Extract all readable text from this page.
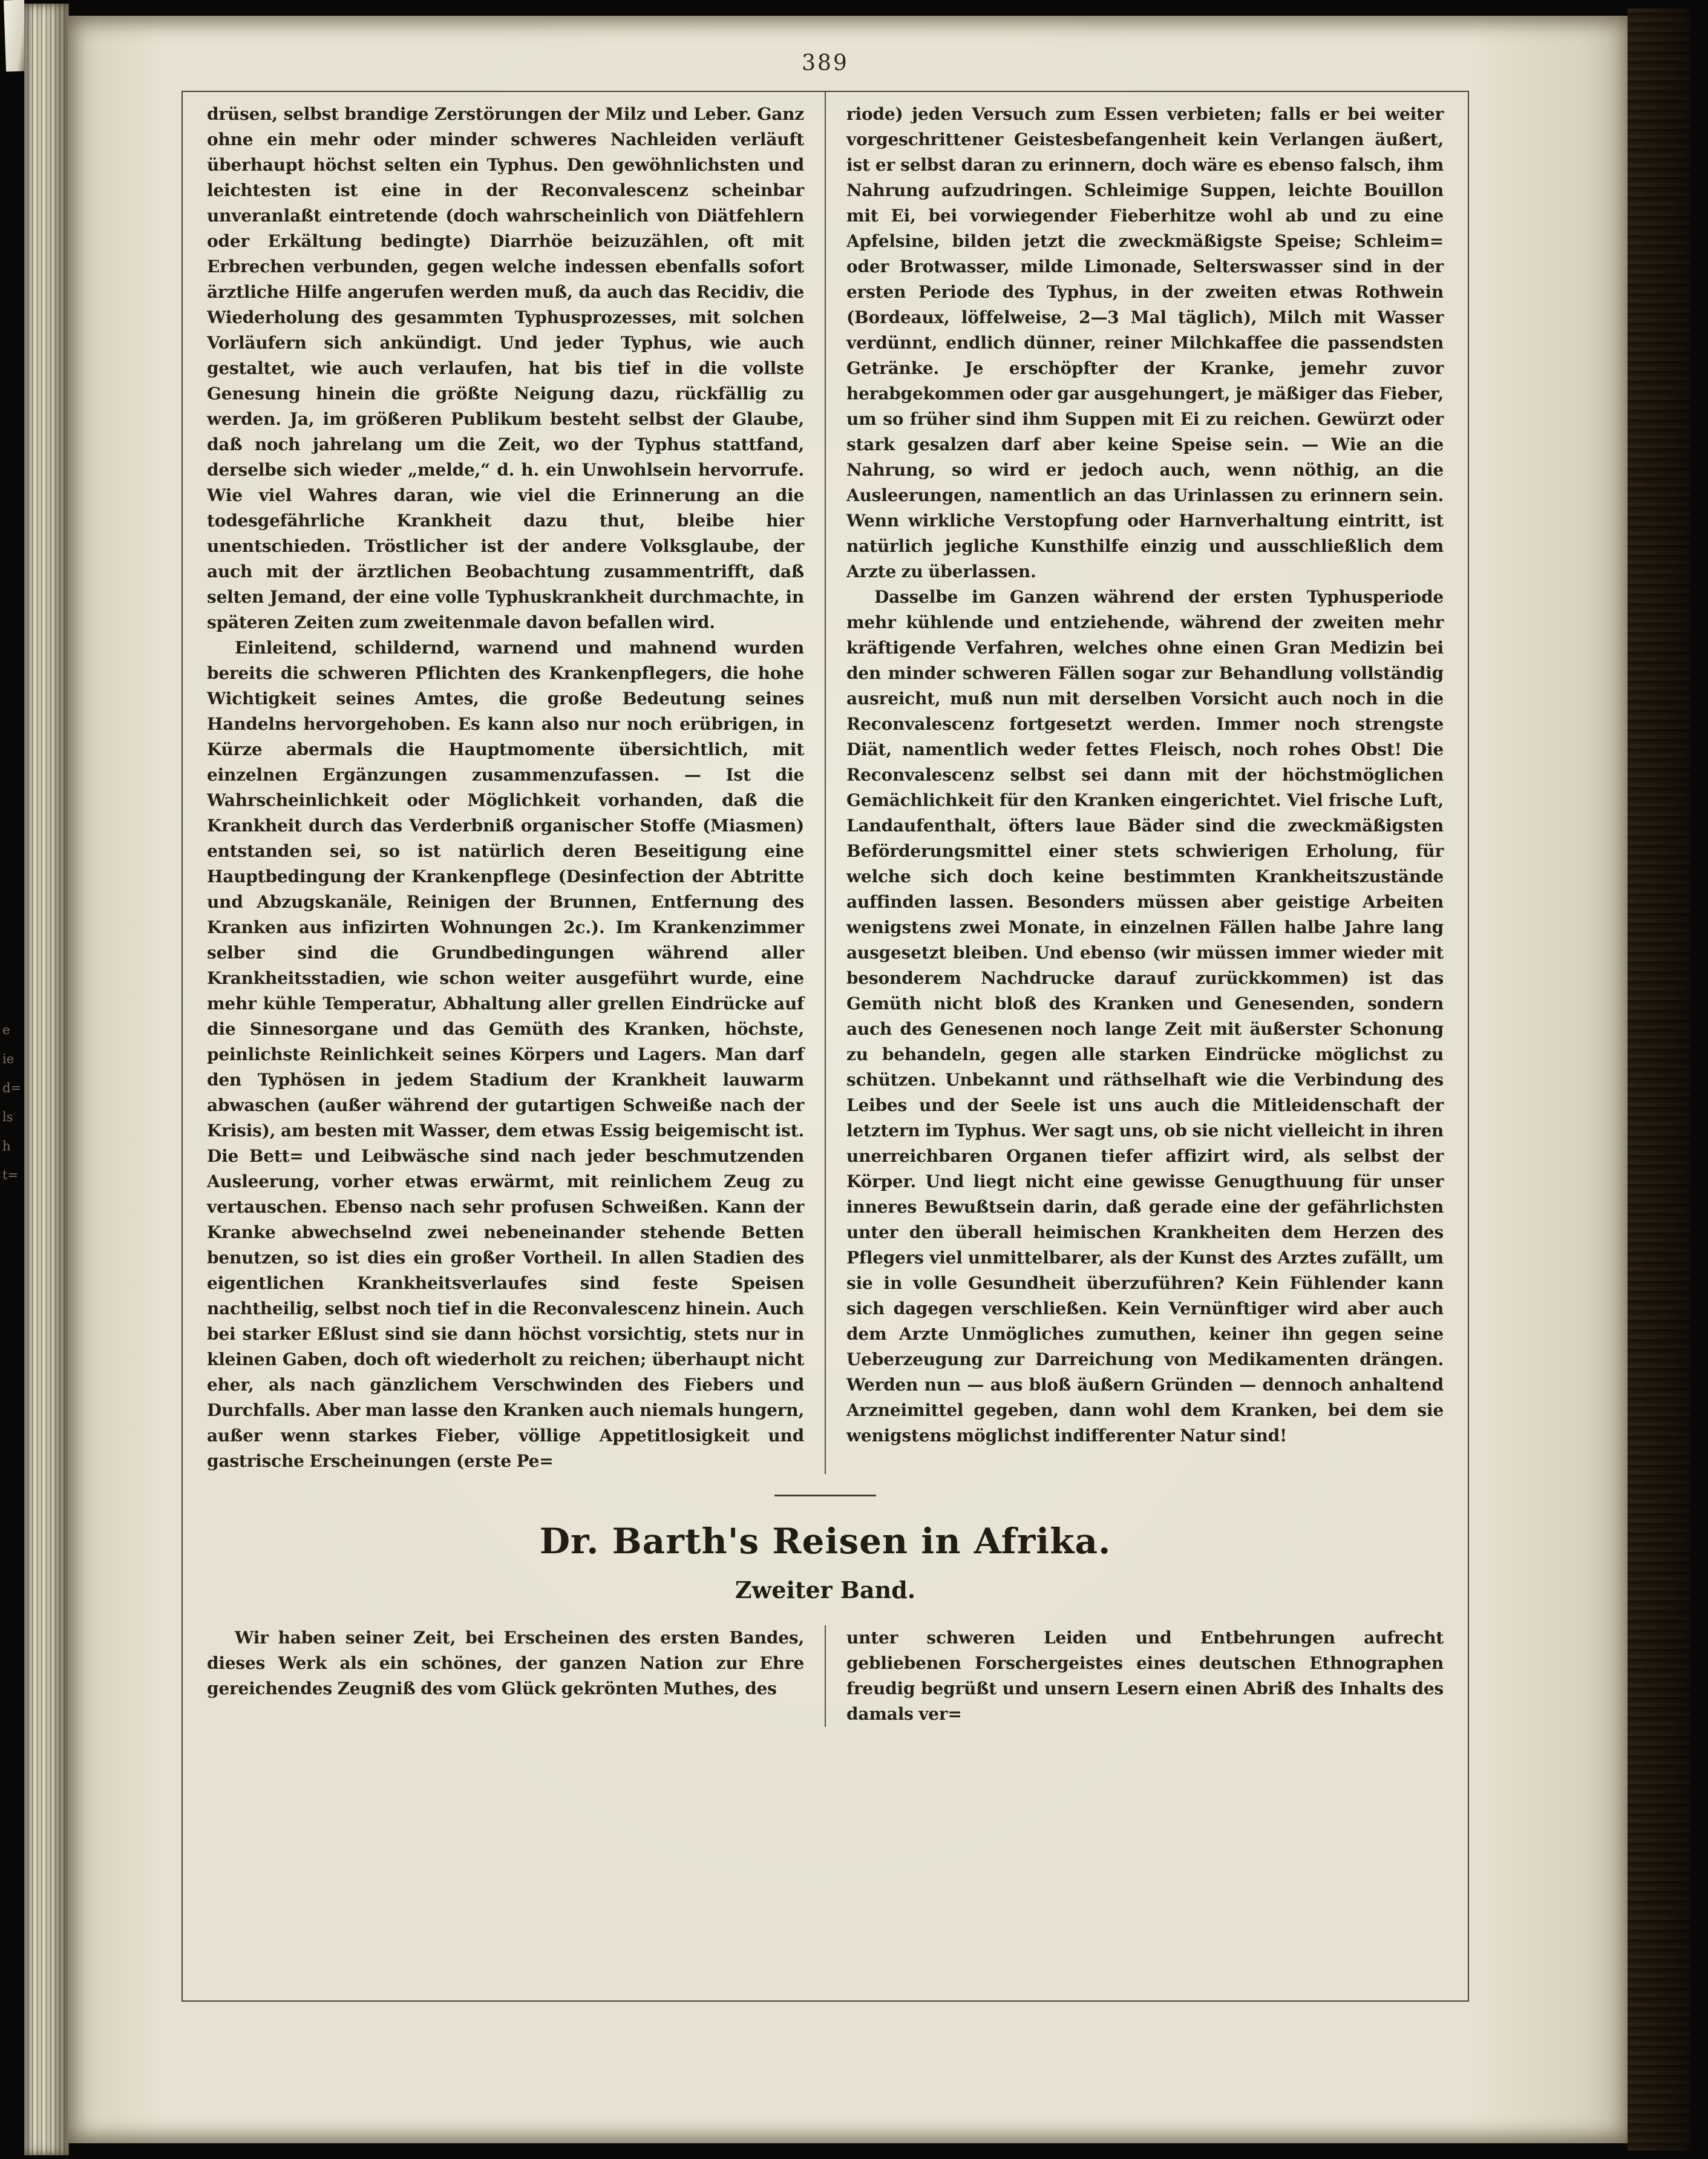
e
ie
d=
ls
h
t=
389

drüsen, selbst brandige Zerstörungen der Milz und Leber. Ganz ohne ein mehr oder minder schweres Nachleiden verläuft überhaupt höchst selten ein Typhus. Den gewöhnlichsten und leichtesten ist eine in der Reconvalescenz scheinbar unveranlaßt eintretende (doch wahrscheinlich von Diätfehlern oder Erkältung bedingte) Diarrhöe beizuzählen, oft mit Erbrechen verbunden, gegen welche indessen ebenfalls sofort ärztliche Hilfe angerufen werden muß, da auch das Recidiv, die Wiederholung des gesammten Typhusprozesses, mit solchen Vorläufern sich ankündigt. Und jeder Typhus, wie auch gestaltet, wie auch verlaufen, hat bis tief in die vollste Genesung hinein die größte Neigung dazu, rückfällig zu werden. Ja, im größeren Publikum besteht selbst der Glaube, daß noch jahrelang um die Zeit, wo der Typhus stattfand, derselbe sich wieder „melde,“ d. h. ein Unwohlsein hervorrufe. Wie viel Wahres daran, wie viel die Erinnerung an die todesgefährliche Krankheit dazu thut, bleibe hier unentschieden. Tröstlicher ist der andere Volksglaube, der auch mit der ärztlichen Beobachtung zusammentrifft, daß selten Jemand, der eine volle Typhuskrankheit durchmachte, in späteren Zeiten zum zweitenmale davon befallen wird.

Einleitend, schildernd, warnend und mahnend wurden bereits die schweren Pflichten des Krankenpflegers, die hohe Wichtigkeit seines Amtes, die große Bedeutung seines Handelns hervorgehoben. Es kann also nur noch erübrigen, in Kürze abermals die Hauptmomente übersichtlich, mit einzelnen Ergänzungen zusammenzufassen. — Ist die Wahrscheinlichkeit oder Möglichkeit vorhanden, daß die Krankheit durch das Verderbniß organischer Stoffe (Miasmen) entstanden sei, so ist natürlich deren Beseitigung eine Hauptbedingung der Krankenpflege (Desinfection der Abtritte und Abzugskanäle, Reinigen der Brunnen, Entfernung des Kranken aus infizirten Wohnungen 2c.). Im Krankenzimmer selber sind die Grundbedingungen während aller Krankheitsstadien, wie schon weiter ausgeführt wurde, eine mehr kühle Temperatur, Abhaltung aller grellen Eindrücke auf die Sinnesorgane und das Gemüth des Kranken, höchste, peinlichste Reinlichkeit seines Körpers und Lagers. Man darf den Typhösen in jedem Stadium der Krankheit lauwarm abwaschen (außer während der gutartigen Schweiße nach der Krisis), am besten mit Wasser, dem etwas Essig beigemischt ist. Die Bett= und Leibwäsche sind nach jeder beschmutzenden Ausleerung, vorher etwas erwärmt, mit reinlichem Zeug zu vertauschen. Ebenso nach sehr profusen Schweißen. Kann der Kranke abwechselnd zwei nebeneinander stehende Betten benutzen, so ist dies ein großer Vortheil. In allen Stadien des eigentlichen Krankheitsverlaufes sind feste Speisen nachtheilig, selbst noch tief in die Reconvalescenz hinein. Auch bei starker Eßlust sind sie dann höchst vorsichtig, stets nur in kleinen Gaben, doch oft wiederholt zu reichen; überhaupt nicht eher, als nach gänzlichem Verschwinden des Fiebers und Durchfalls. Aber man lasse den Kranken auch niemals hungern, außer wenn starkes Fieber, völlige Appetitlosigkeit und gastrische Erscheinungen (erste Pe=

riode) jeden Versuch zum Essen verbieten; falls er bei weiter vorgeschrittener Geistesbefangenheit kein Verlangen äußert, ist er selbst daran zu erinnern, doch wäre es ebenso falsch, ihm Nahrung aufzudringen. Schleimige Suppen, leichte Bouillon mit Ei, bei vorwiegender Fieberhitze wohl ab und zu eine Apfelsine, bilden jetzt die zweckmäßigste Speise; Schleim= oder Brotwasser, milde Limonade, Selterswasser sind in der ersten Periode des Typhus, in der zweiten etwas Rothwein (Bordeaux, löffelweise, 2—3 Mal täglich), Milch mit Wasser verdünnt, endlich dünner, reiner Milchkaffee die passendsten Getränke. Je erschöpfter der Kranke, jemehr zuvor herabgekommen oder gar ausgehungert, je mäßiger das Fieber, um so früher sind ihm Suppen mit Ei zu reichen. Gewürzt oder stark gesalzen darf aber keine Speise sein. — Wie an die Nahrung, so wird er jedoch auch, wenn nöthig, an die Ausleerungen, namentlich an das Urinlassen zu erinnern sein. Wenn wirkliche Verstopfung oder Harnverhaltung eintritt, ist natürlich jegliche Kunsthilfe einzig und ausschließlich dem Arzte zu überlassen.

Dasselbe im Ganzen während der ersten Typhusperiode mehr kühlende und entziehende, während der zweiten mehr kräftigende Verfahren, welches ohne einen Gran Medizin bei den minder schweren Fällen sogar zur Behandlung vollständig ausreicht, muß nun mit derselben Vorsicht auch noch in die Reconvalescenz fortgesetzt werden. Immer noch strengste Diät, namentlich weder fettes Fleisch, noch rohes Obst! Die Reconvalescenz selbst sei dann mit der höchstmöglichen Gemächlichkeit für den Kranken eingerichtet. Viel frische Luft, Landaufenthalt, öfters laue Bäder sind die zweckmäßigsten Beförderungsmittel einer stets schwierigen Erholung, für welche sich doch keine bestimmten Krankheitszustände auffinden lassen. Besonders müssen aber geistige Arbeiten wenigstens zwei Monate, in einzelnen Fällen halbe Jahre lang ausgesetzt bleiben. Und ebenso (wir müssen immer wieder mit besonderem Nachdrucke darauf zurückkommen) ist das Gemüth nicht bloß des Kranken und Genesenden, sondern auch des Genesenen noch lange Zeit mit äußerster Schonung zu behandeln, gegen alle starken Eindrücke möglichst zu schützen. Unbekannt und räthselhaft wie die Verbindung des Leibes und der Seele ist uns auch die Mitleidenschaft der letztern im Typhus. Wer sagt uns, ob sie nicht vielleicht in ihren unerreichbaren Organen tiefer affizirt wird, als selbst der Körper. Und liegt nicht eine gewisse Genugthuung für unser inneres Bewußtsein darin, daß gerade eine der gefährlichsten unter den überall heimischen Krankheiten dem Herzen des Pflegers viel unmittelbarer, als der Kunst des Arztes zufällt, um sie in volle Gesundheit überzuführen? Kein Fühlender kann sich dagegen verschließen. Kein Vernünftiger wird aber auch dem Arzte Unmögliches zumuthen, keiner ihn gegen seine Ueberzeugung zur Darreichung von Medikamenten drängen. Werden nun — aus bloß äußern Gründen — dennoch anhaltend Arzneimittel gegeben, dann wohl dem Kranken, bei dem sie wenigstens möglichst indifferenter Natur sind!

Dr. Barth's Reisen in Afrika.
Zweiter Band.

Wir haben seiner Zeit, bei Erscheinen des ersten Bandes, dieses Werk als ein schönes, der ganzen Nation zur Ehre gereichendes Zeugniß des vom Glück gekrönten Muthes, des

unter schweren Leiden und Entbehrungen aufrecht gebliebenen Forschergeistes eines deutschen Ethnographen freudig begrüßt und unsern Lesern einen Abriß des Inhalts des damals ver=
